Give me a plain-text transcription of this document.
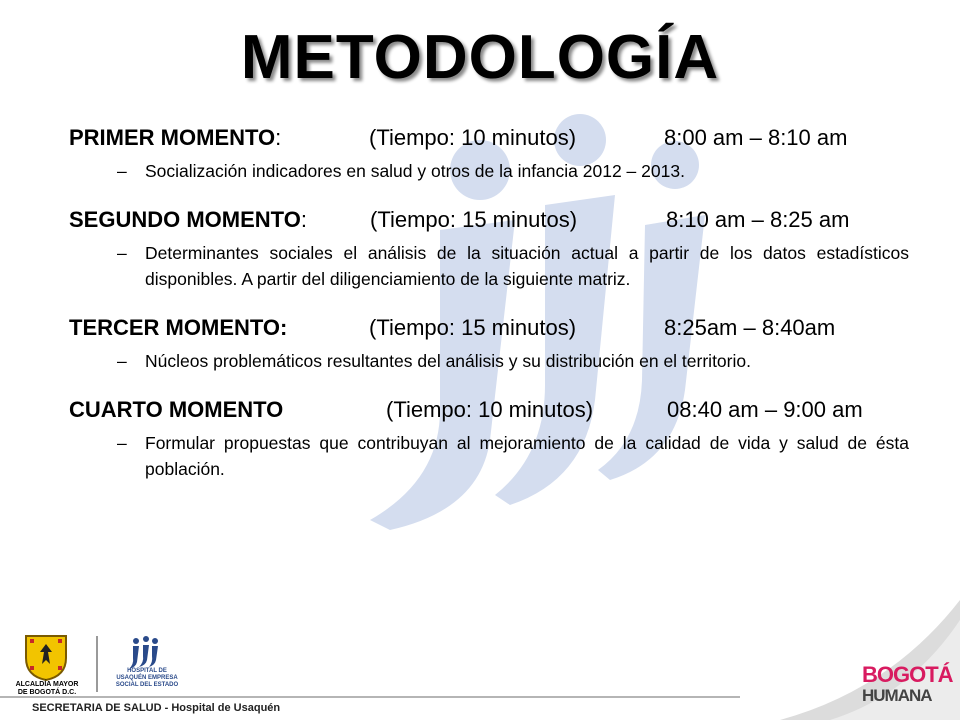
METODOLOGÍA
PRIMER MOMENTO:	(Tiempo: 10 minutos)	8:00 am – 8:10 am
– Socialización indicadores en salud y otros de la infancia 2012 – 2013.
SEGUNDO MOMENTO:	(Tiempo: 15 minutos)	8:10 am – 8:25 am
– Determinantes sociales el análisis de la situación actual a partir de los datos estadísticos disponibles. A partir del diligenciamiento de la siguiente matriz.
TERCER MOMENTO:	(Tiempo: 15 minutos)	8:25am – 8:40am
– Núcleos problemáticos resultantes del análisis y su distribución en el territorio.
CUARTO MOMENTO	(Tiempo: 10 minutos)	08:40 am – 9:00 am
– Formular propuestas que contribuyan al mejoramiento de la calidad de vida y salud de ésta población.
ALCALDÍA MAYOR DE BOGOTÁ D.C.
HOSPITAL DE USAQUÉN EMPRESA SOCIAL DEL ESTADO
SECRETARIA DE SALUD - Hospital de Usaquén
BOGOTÁ
HUMANA
